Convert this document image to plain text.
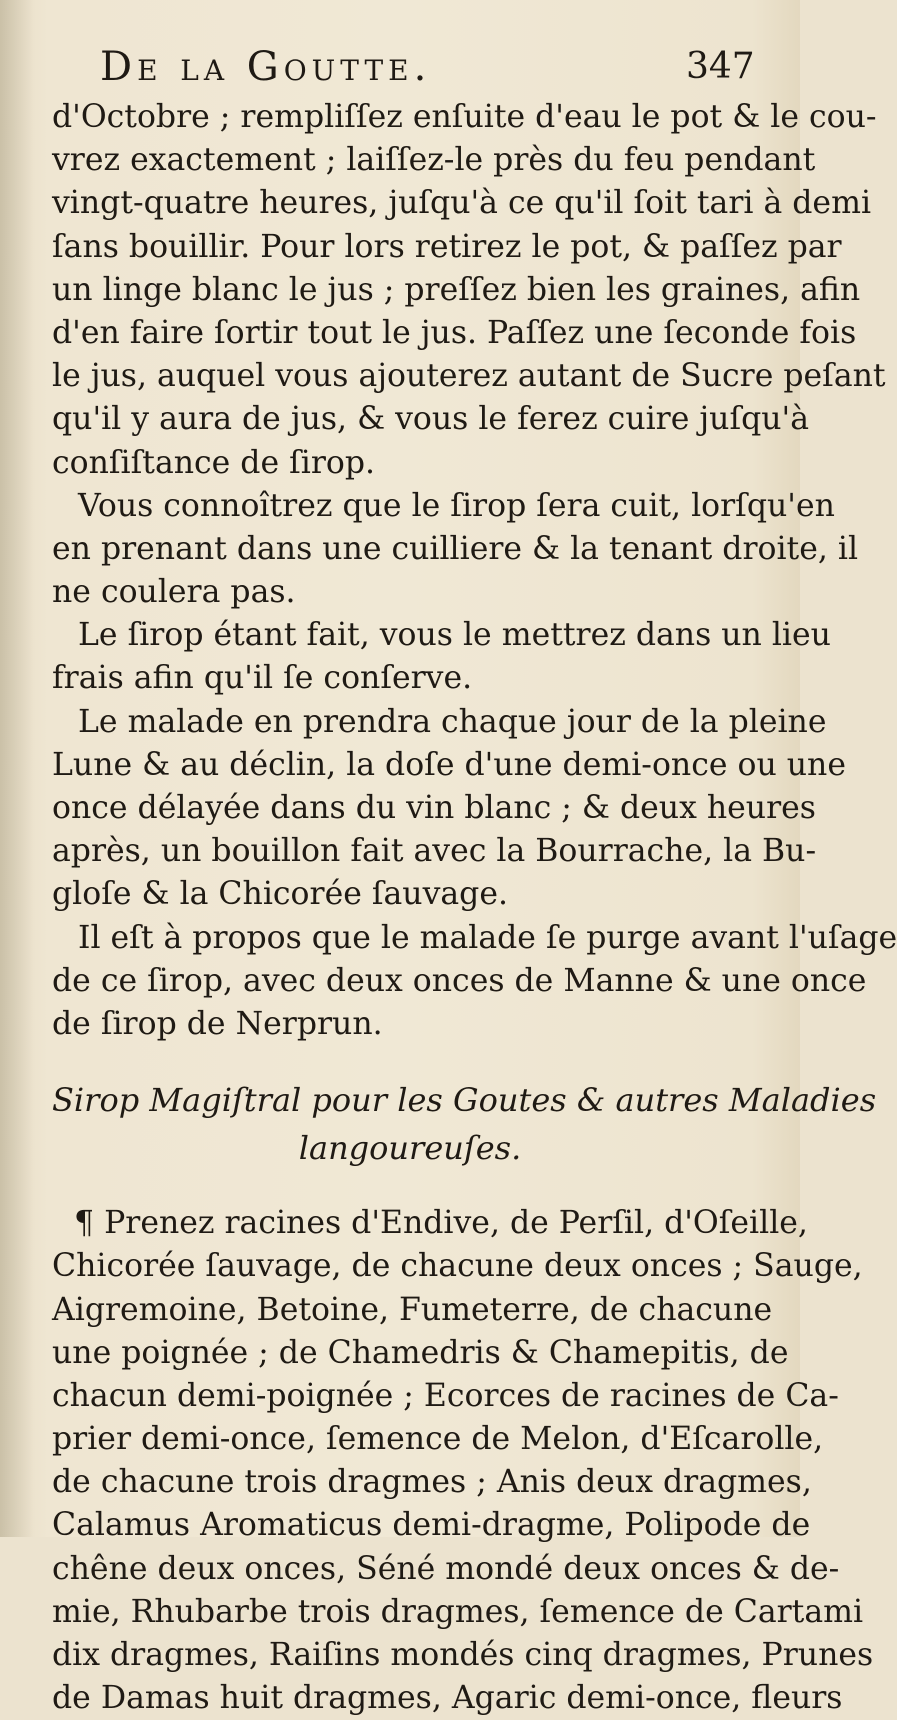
De la Goutte.	347
d'Octobre ; rempliſſez enſuite d'eau le pot & le cou-
vrez exactement ; laiſſez-le près du feu pendant
vingt-quatre heures, juſqu'à ce qu'il ſoit tari à demi
ſans bouillir. Pour lors retirez le pot, & paſſez par
un linge blanc le jus ; preſſez bien les graines, afin
d'en faire ſortir tout le jus. Paſſez une ſeconde fois
le jus, auquel vous ajouterez autant de Sucre peſant
qu'il y aura de jus, & vous le ferez cuire juſqu'à
conſiſtance de ſirop.
Vous connoîtrez que le ſirop ſera cuit, lorſqu'en
en prenant dans une cuilliere & la tenant droite, il
ne coulera pas.
Le ſirop étant fait, vous le mettrez dans un lieu
frais afin qu'il ſe conſerve.
Le malade en prendra chaque jour de la pleine
Lune & au déclin, la doſe d'une demi-once ou une
once délayée dans du vin blanc ; & deux heures
après, un bouillon fait avec la Bourrache, la Bu-
gloſe & la Chicorée ſauvage.
Il eſt à propos que le malade ſe purge avant l'uſage
de ce ſirop, avec deux onces de Manne & une once
de ſirop de Nerprun.
Sirop Magiſtral pour les Goutes & autres Maladies
langoureuſes.
¶ Prenez racines d'Endive, de Perſil, d'Oſeille,
Chicorée ſauvage, de chacune deux onces ; Sauge,
Aigremoine, Betoine, Fumeterre, de chacune
une poignée ; de Chamedris & Chamepitis, de
chacun demi-poignée ; Ecorces de racines de Ca-
prier demi-once, ſemence de Melon, d'Eſcarolle,
de chacune trois dragmes ; Anis deux dragmes,
Calamus Aromaticus demi-dragme, Polipode de
chêne deux onces, Séné mondé deux onces & de-
mie, Rhubarbe trois dragmes, ſemence de Cartami
dix dragmes, Raiſins mondés cinq dragmes, Prunes
de Damas huit dragmes, Agaric demi-once, fleurs
